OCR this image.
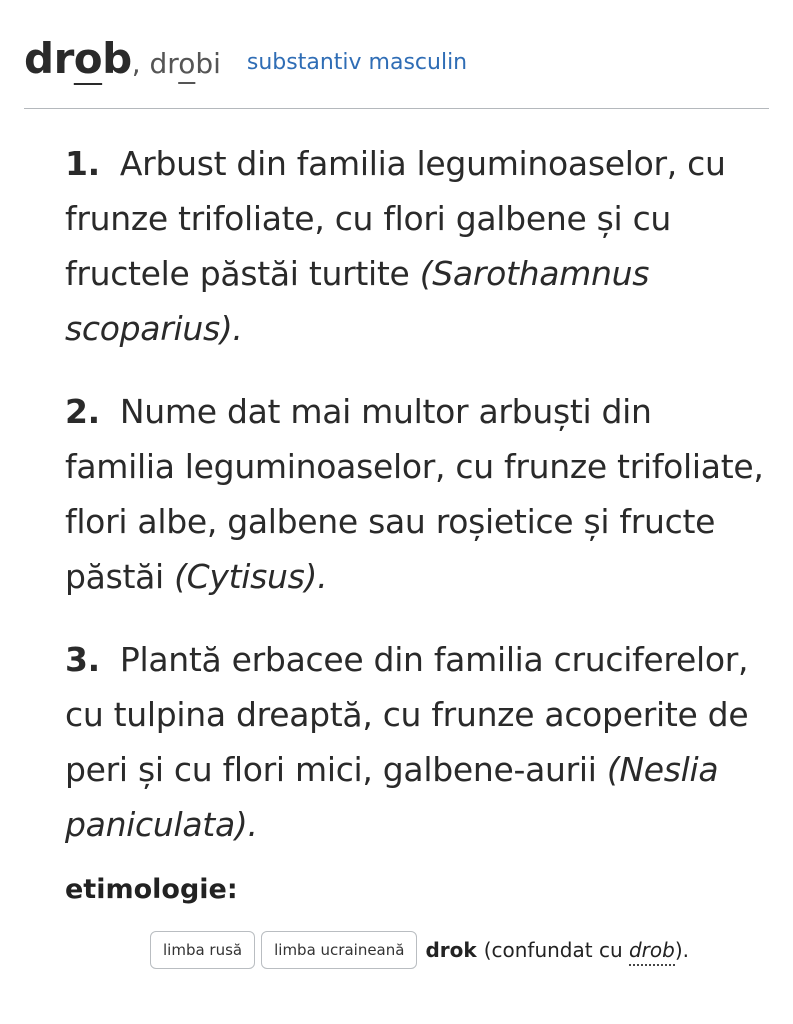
drob, drobi substantiv masculin
1. Arbust din familia leguminoaselor, cu frunze trifoliate, cu flori galbene și cu fructele păstăi turtite (Sarothamnus scoparius).
2. Nume dat mai multor arbuști din familia leguminoaselor, cu frunze trifoliate, flori albe, galbene sau roșietice și fructe păstăi (Cytisus).
3. Plantă erbacee din familia cruciferelor, cu tulpina dreaptă, cu frunze acoperite de peri și cu flori mici, galbene-aurii (Neslia paniculata).
etimologie:
limba rusă	limba ucraineană	drok (confundat cu drob).
